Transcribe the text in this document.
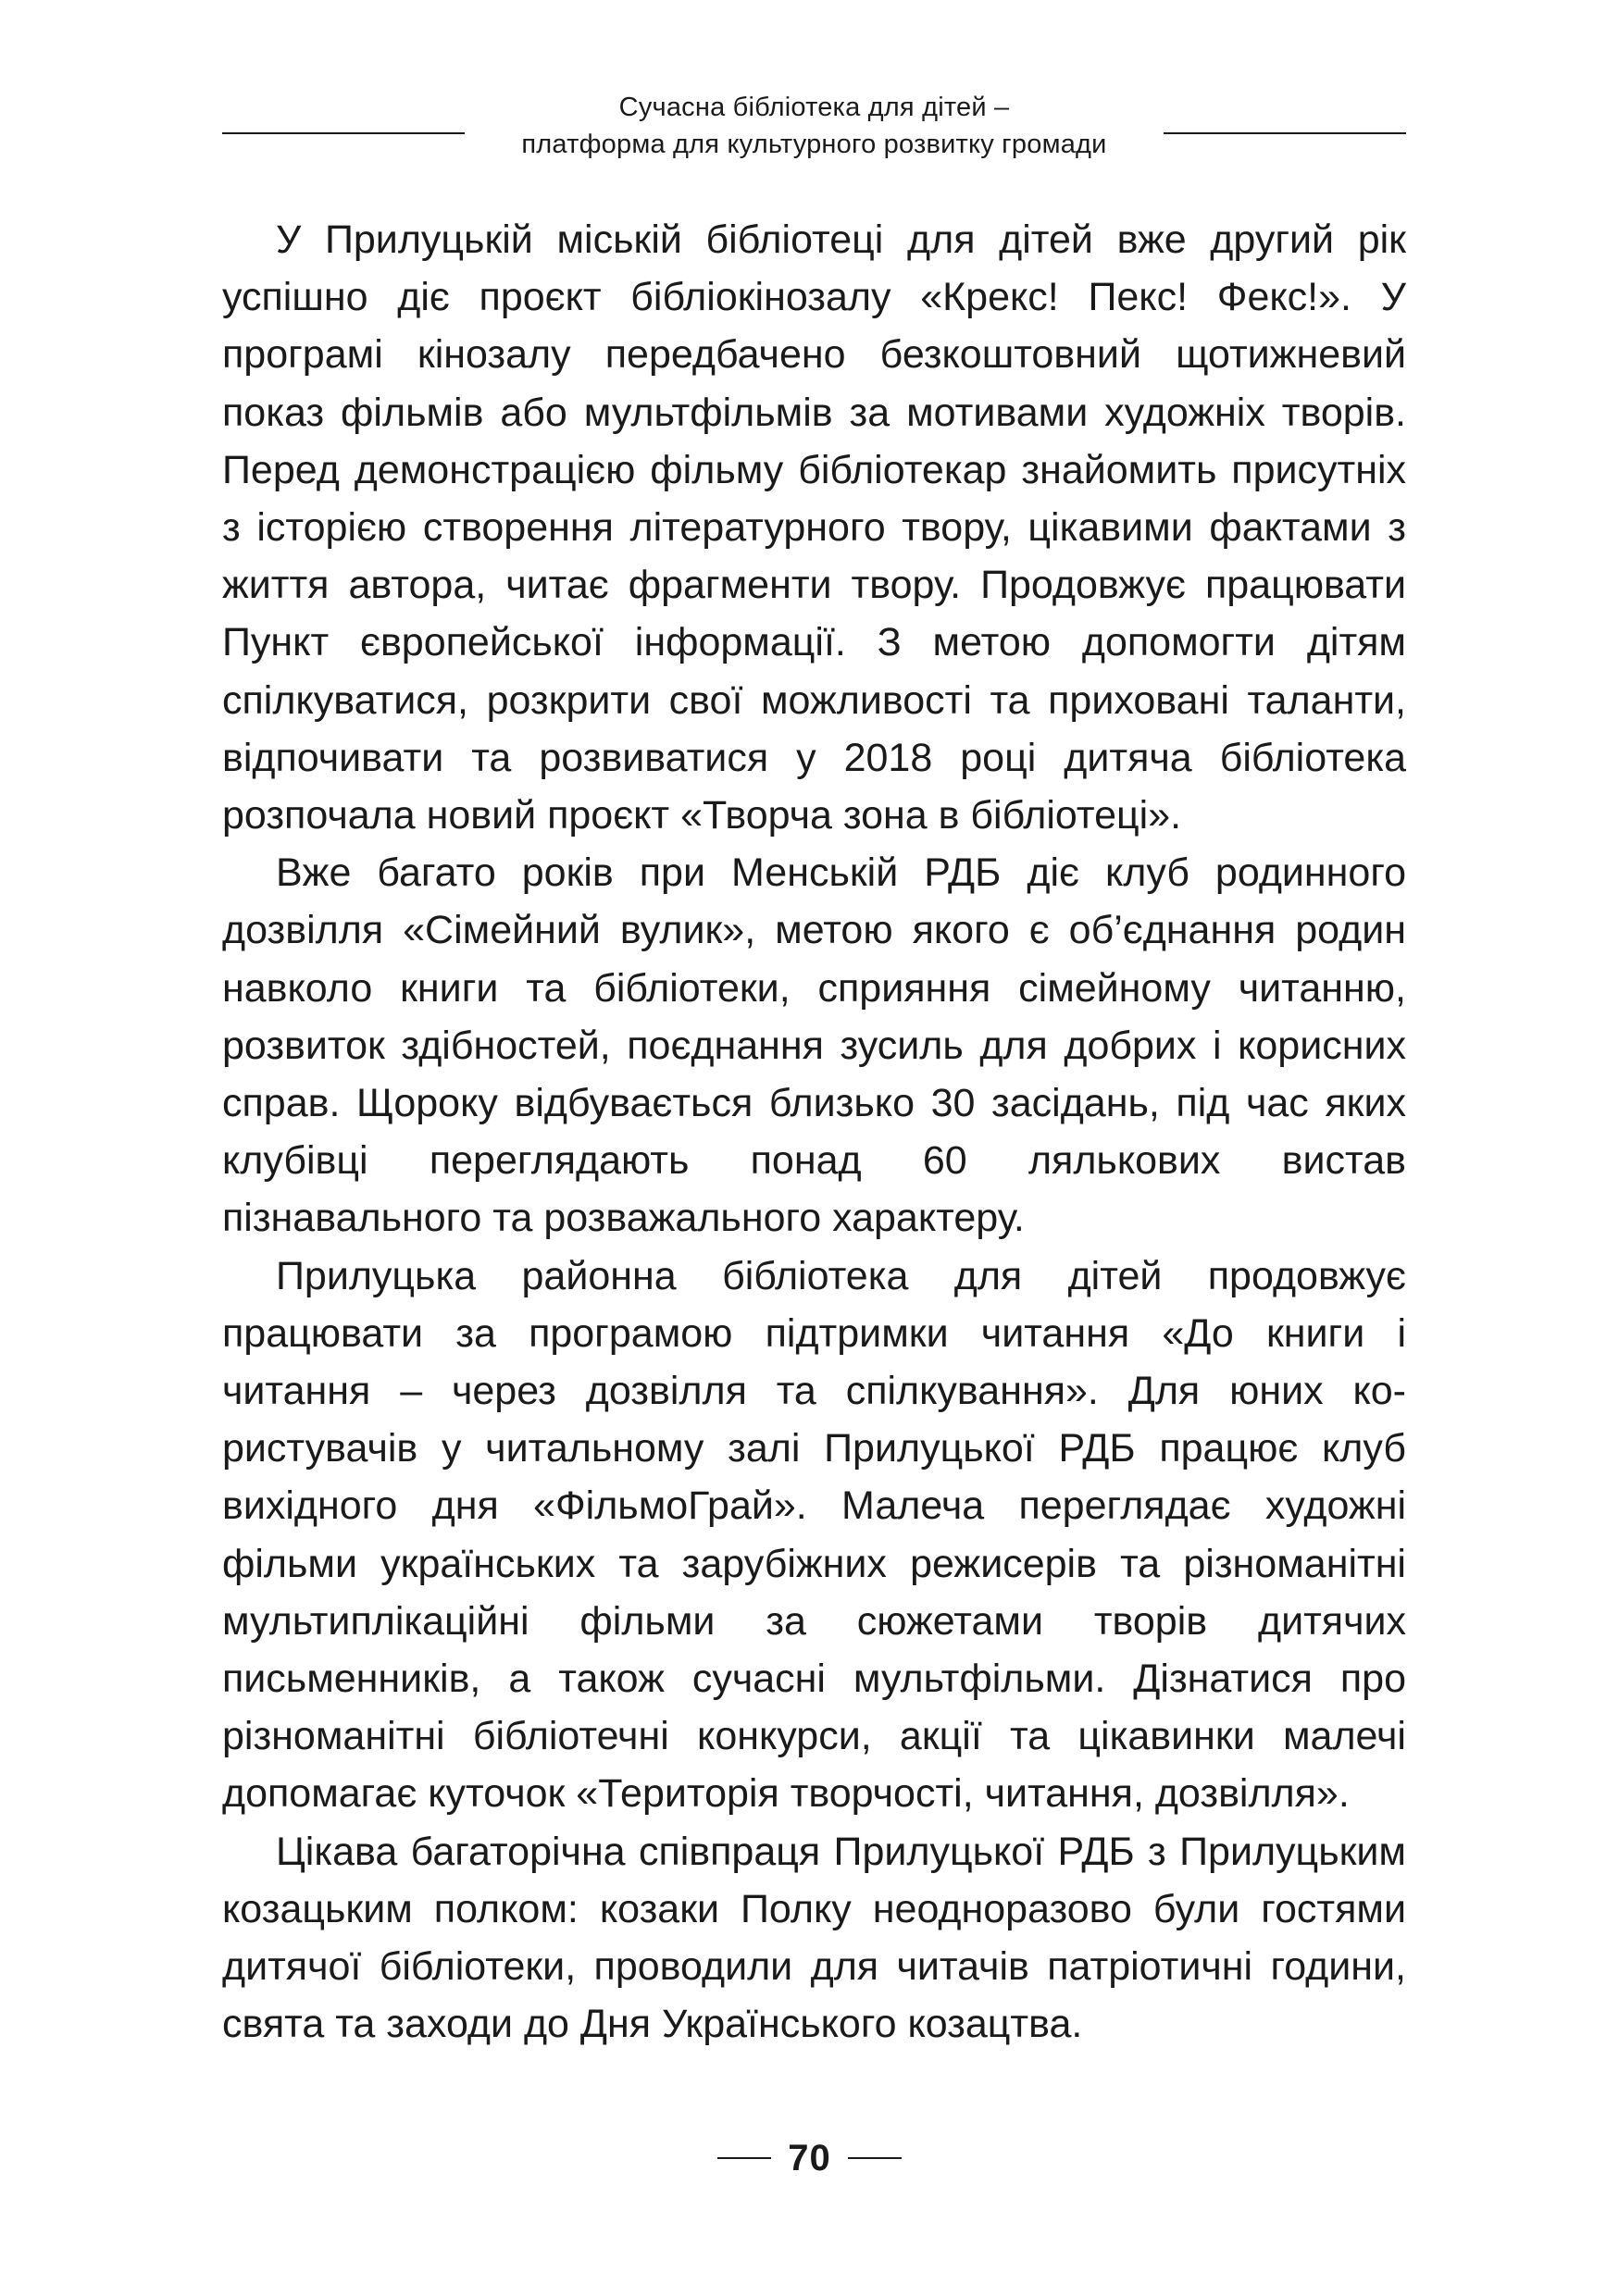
Сучасна бібліотека для дітей –
платформа для культурного розвитку громади

У Прилуцькій міській бібліотеці для дітей вже другий рік успішно діє проєкт бібліокінозалу «Крекс! Пекс! Фекс!». У програмі кінозалу передбачено безкоштовний щотижневий показ фільмів або мультфільмів за мотивами художніх творів. Перед демонстрацією фільму бібліотекар знайомить присутніх з історією створення літературного твору, цікавими фактами з життя автора, читає фрагменти твору. Продовжує працювати Пункт європейської інформації. З метою допомогти дітям спілкуватися, розкрити свої можливості та приховані таланти, відпочивати та розвиватися у 2018 році дитяча бібліотека розпочала новий проєкт «Творча зона в бібліотеці».

Вже багато років при Менській РДБ діє клуб родинного дозвілля «Сімейний вулик», метою якого є об’єднання родин навколо книги та бібліотеки, сприяння сімейному читанню, розвиток здібностей, поєднання зусиль для добрих і корисних справ. Щороку відбувається близько 30 засідань, під час яких клубівці переглядають понад 60 лялькових вистав пізнавального та розважального характеру.

Прилуцька районна бібліотека для дітей продовжує працювати за програмою підтримки читання «До книги і читання – через дозвілля та спілкування». Для юних користувачів у читальному залі Прилуцької РДБ працює клуб вихідного дня «ФільмоГрай». Малеча переглядає художні фільми українських та зарубіжних режисерів та різноманітні мультиплікаційні фільми за сюжетами творів дитячих письменників, а також сучасні мультфільми. Дізнатися про різноманітні бібліотечні конкурси, акції та цікавинки малечі допомагає куточок «Територія творчості, читання, дозвілля».

Цікава багаторічна співпраця Прилуцької РДБ з Прилуцьким козацьким полком: козаки Полку неодноразово були гостями дитячої бібліотеки, проводили для читачів патріотичні години, свята та заходи до Дня Українського козацтва.

70
